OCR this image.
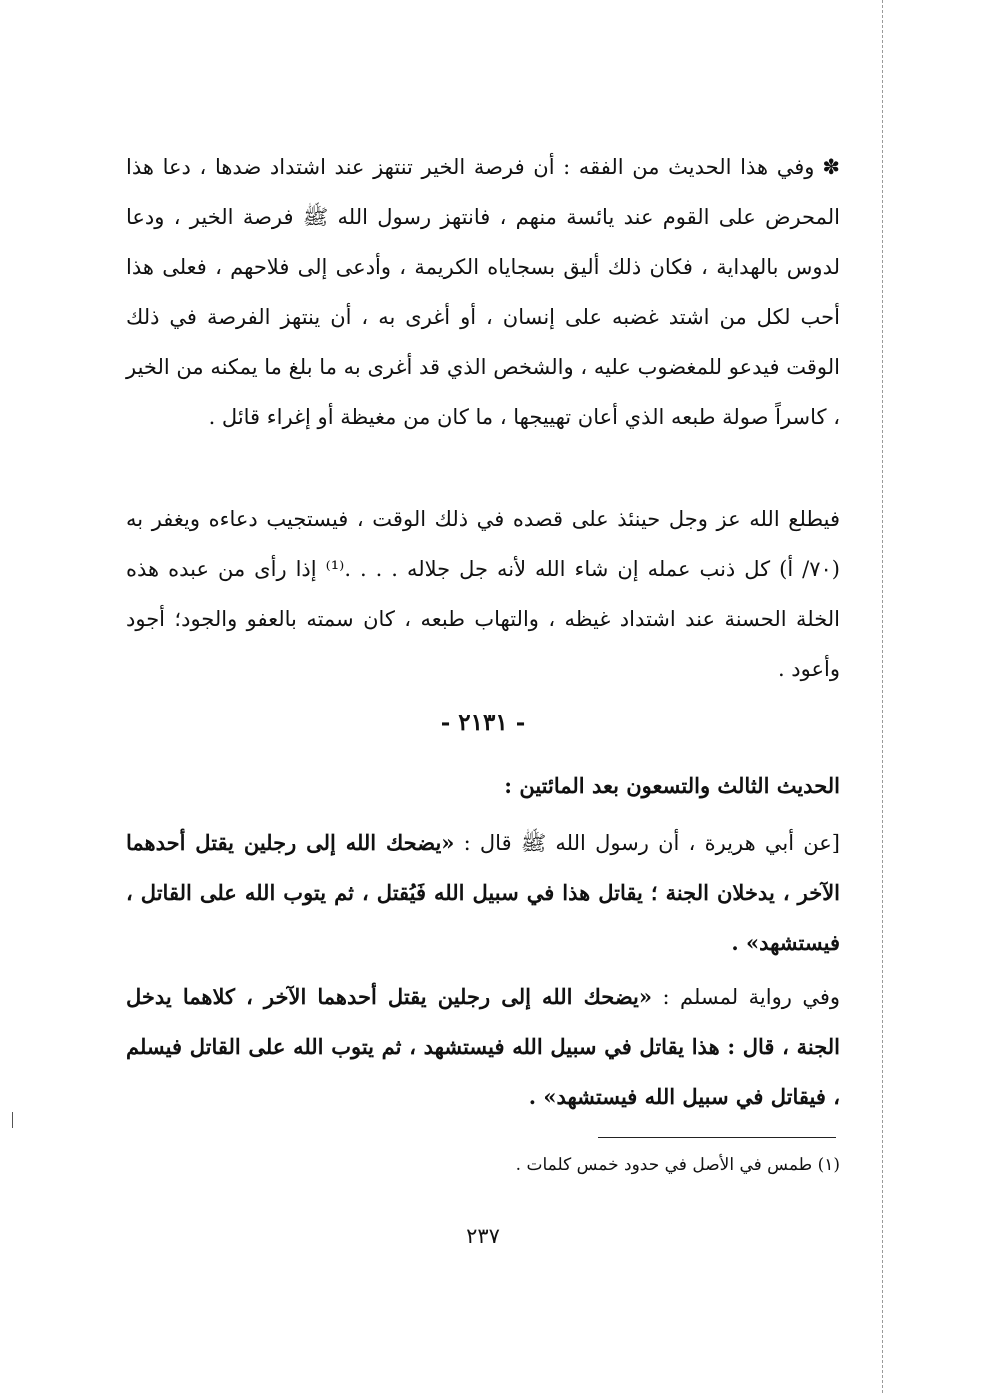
✽وفي هذا الحديث من الفقه : أن فرصة الخير تنتهز عند اشتداد ضدها ، دعا هذا المحرض على القوم عند يائسة منهم ، فانتهز رسول الله ﷺ فرصة الخير ، ودعا لدوس بالهداية ، فكان ذلك أليق بسجاياه الكريمة ، وأدعى إلى فلاحهم ، فعلى هذا أحب لكل من اشتد غضبه على إنسان ، أو أغرى به ، أن ينتهز الفرصة في ذلك الوقت فيدعو للمغضوب عليه ، والشخص الذي قد أغرى به ما بلغ ما يمكنه من الخير ، كاسراً صولة طبعه الذي أعان تهييجها ، ما كان من مغيظة أو إغراء قائل .

فيطلع الله عز وجل حينئذ على قصده في ذلك الوقت ، فيستجيب دعاءه ويغفر به (٧٠/ أ) كل ذنب عمله إن شاء الله لأنه جل جلاله . . . .⁽¹⁾ إذا رأى من عبده هذه الخلة الحسنة عند اشتداد غيظه ، والتهاب طبعه ، كان سمته بالعفو والجود؛ أجود وأعود .

- ٢١٣١ -

الحديث الثالث والتسعون بعد المائتين :

[عن أبي هريرة ، أن رسول الله ﷺ قال : «يضحك الله إلى رجلين يقتل أحدهما الآخر ، يدخلان الجنة ؛ يقاتل هذا في سبيل الله فَيُقتل ، ثم يتوب الله على القاتل ، فيستشهد» .

وفي رواية لمسلم : «يضحك الله إلى رجلين يقتل أحدهما الآخر ، كلاهما يدخل الجنة ، قال : هذا يقاتل في سبيل الله فيستشهد ، ثم يتوب الله على القاتل فيسلم ، فيقاتل في سبيل الله فيستشهد» .

(١) طمس في الأصل في حدود خمس كلمات .

٢٣٧
